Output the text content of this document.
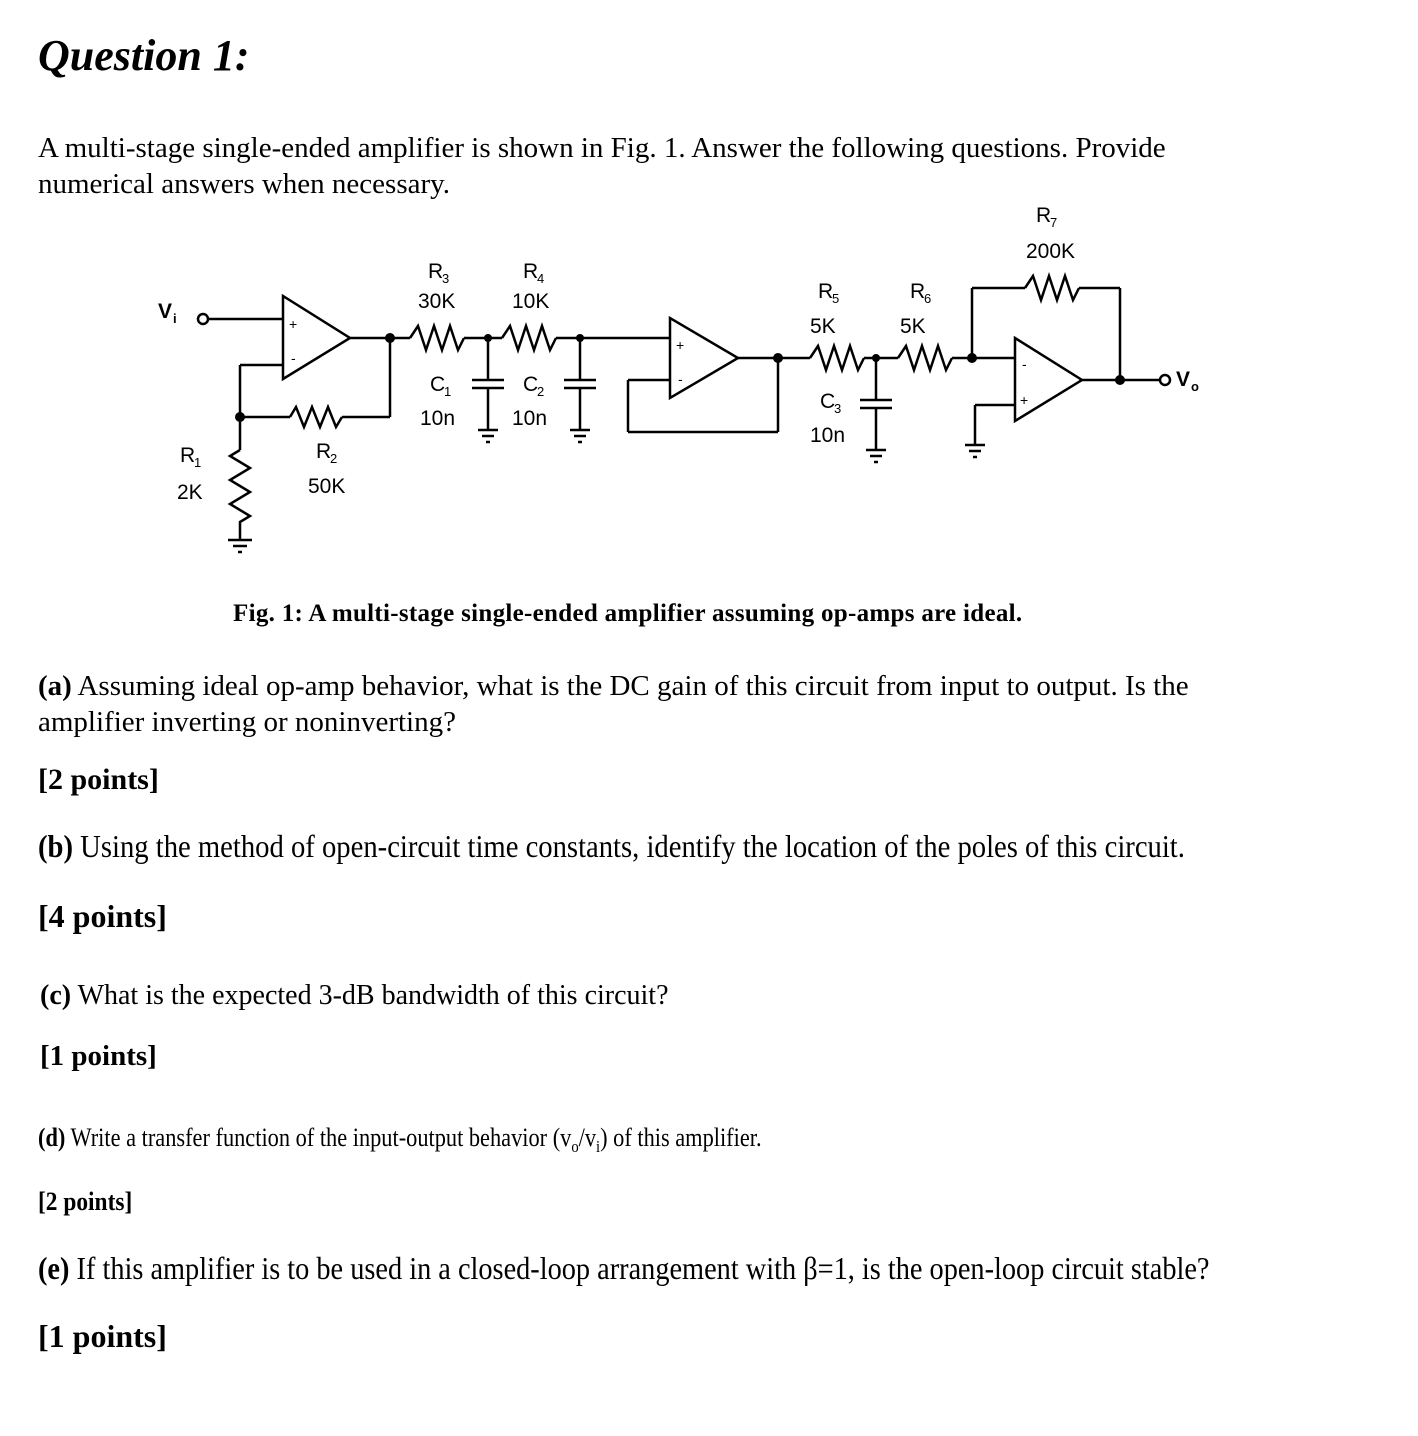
Question 1:
A multi-stage single-ended amplifier is shown in Fig. 1. Answer the following questions. Provide
numerical answers when necessary.
V i	+
-
R
1
2K
R
2
50K
R
3
30K
C
1
10n
R
4
10K
C
2
10n
+
-
R
5
5K
C
3
10n
R
6
5K
R
7
200K
-
+
V o
Fig. 1: A multi-stage single-ended amplifier assuming op-amps are ideal.
(a) Assuming ideal op-amp behavior, what is the DC gain of this circuit from input to output. Is the
amplifier inverting or noninverting?
[2 points]
(b) Using the method of open-circuit time constants, identify the location of the poles of this circuit.
[4 points]
(c) What is the expected 3-dB bandwidth of this circuit?
[1 points]
(d) Write a transfer function of the input-output behavior $(v_o/v_i)$ of this amplifier.
[2 points]
(e) If this amplifier is to be used in a closed-loop arrangement with β=1, is the open-loop circuit stable?
[1 points]
